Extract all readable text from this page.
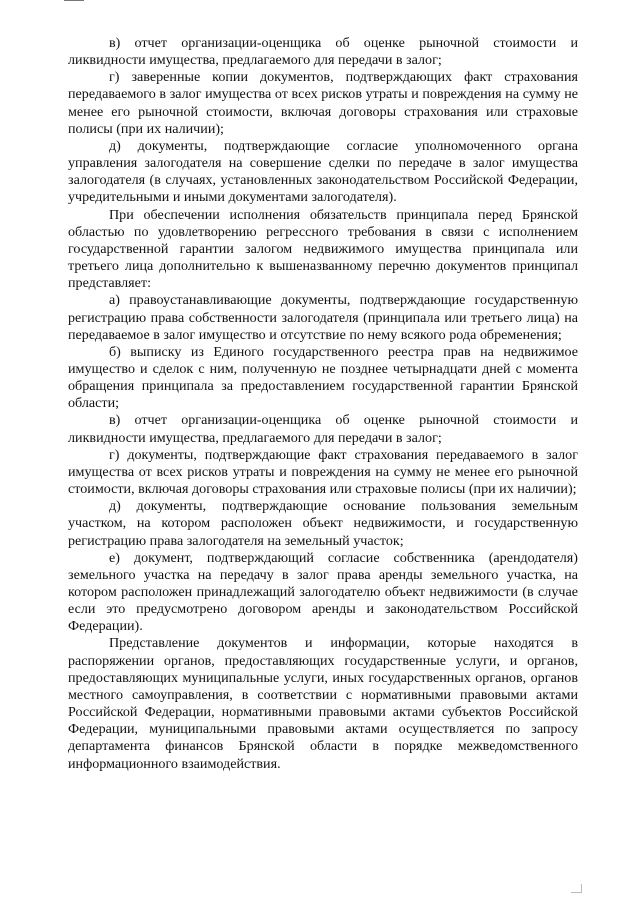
в) отчет организации-оценщика об оценке рыночной стоимости и ликвидности имущества, предлагаемого для передачи в залог;

г) заверенные копии документов, подтверждающих факт страхования передаваемого в залог имущества от всех рисков утраты и повреждения на сумму не менее его рыночной стоимости, включая договоры страхования или страховые полисы (при их наличии);

д) документы, подтверждающие согласие уполномоченного органа управления залогодателя на совершение сделки по передаче в залог имущества залогодателя (в случаях, установленных законодательством Российской Федерации, учредительными и иными документами залогодателя).

При обеспечении исполнения обязательств принципала перед Брянской областью по удовлетворению регрессного требования в связи с исполнением государственной гарантии залогом недвижимого имущества принципала или третьего лица дополнительно к вышеназванному перечню документов принципал представляет:

а) правоустанавливающие документы, подтверждающие государственную регистрацию права собственности залогодателя (принципала или третьего лица) на передаваемое в залог имущество и отсутствие по нему всякого рода обременения;

б) выписку из Единого государственного реестра прав на недвижимое имущество и сделок с ним, полученную не позднее четырнадцати дней с момента обращения принципала за предоставлением государственной гарантии Брянской области;

в) отчет организации-оценщика об оценке рыночной стоимости и ликвидности имущества, предлагаемого для передачи в залог;

г) документы, подтверждающие факт страхования передаваемого в залог имущества от всех рисков утраты и повреждения на сумму не менее его рыночной стоимости, включая договоры страхования или страховые полисы (при их наличии);

д) документы, подтверждающие основание пользования земельным участком, на котором расположен объект недвижимости, и государственную регистрацию права залогодателя на земельный участок;

е) документ, подтверждающий согласие собственника (арендодателя) земельного участка на передачу в залог права аренды земельного участка, на котором расположен принадлежащий залогодателю объект недвижимости (в случае если это предусмотрено договором аренды и законодательством Российской Федерации).

Представление документов и информации, которые находятся в распоряжении органов, предоставляющих государственные услуги, и органов, предоставляющих муниципальные услуги, иных государственных органов, органов местного самоуправления, в соответствии с нормативными правовыми актами Российской Федерации, нормативными правовыми актами субъектов Российской Федерации, муниципальными правовыми актами осуществляется по запросу департамента финансов Брянской области в порядке межведомственного информационного взаимодействия.
